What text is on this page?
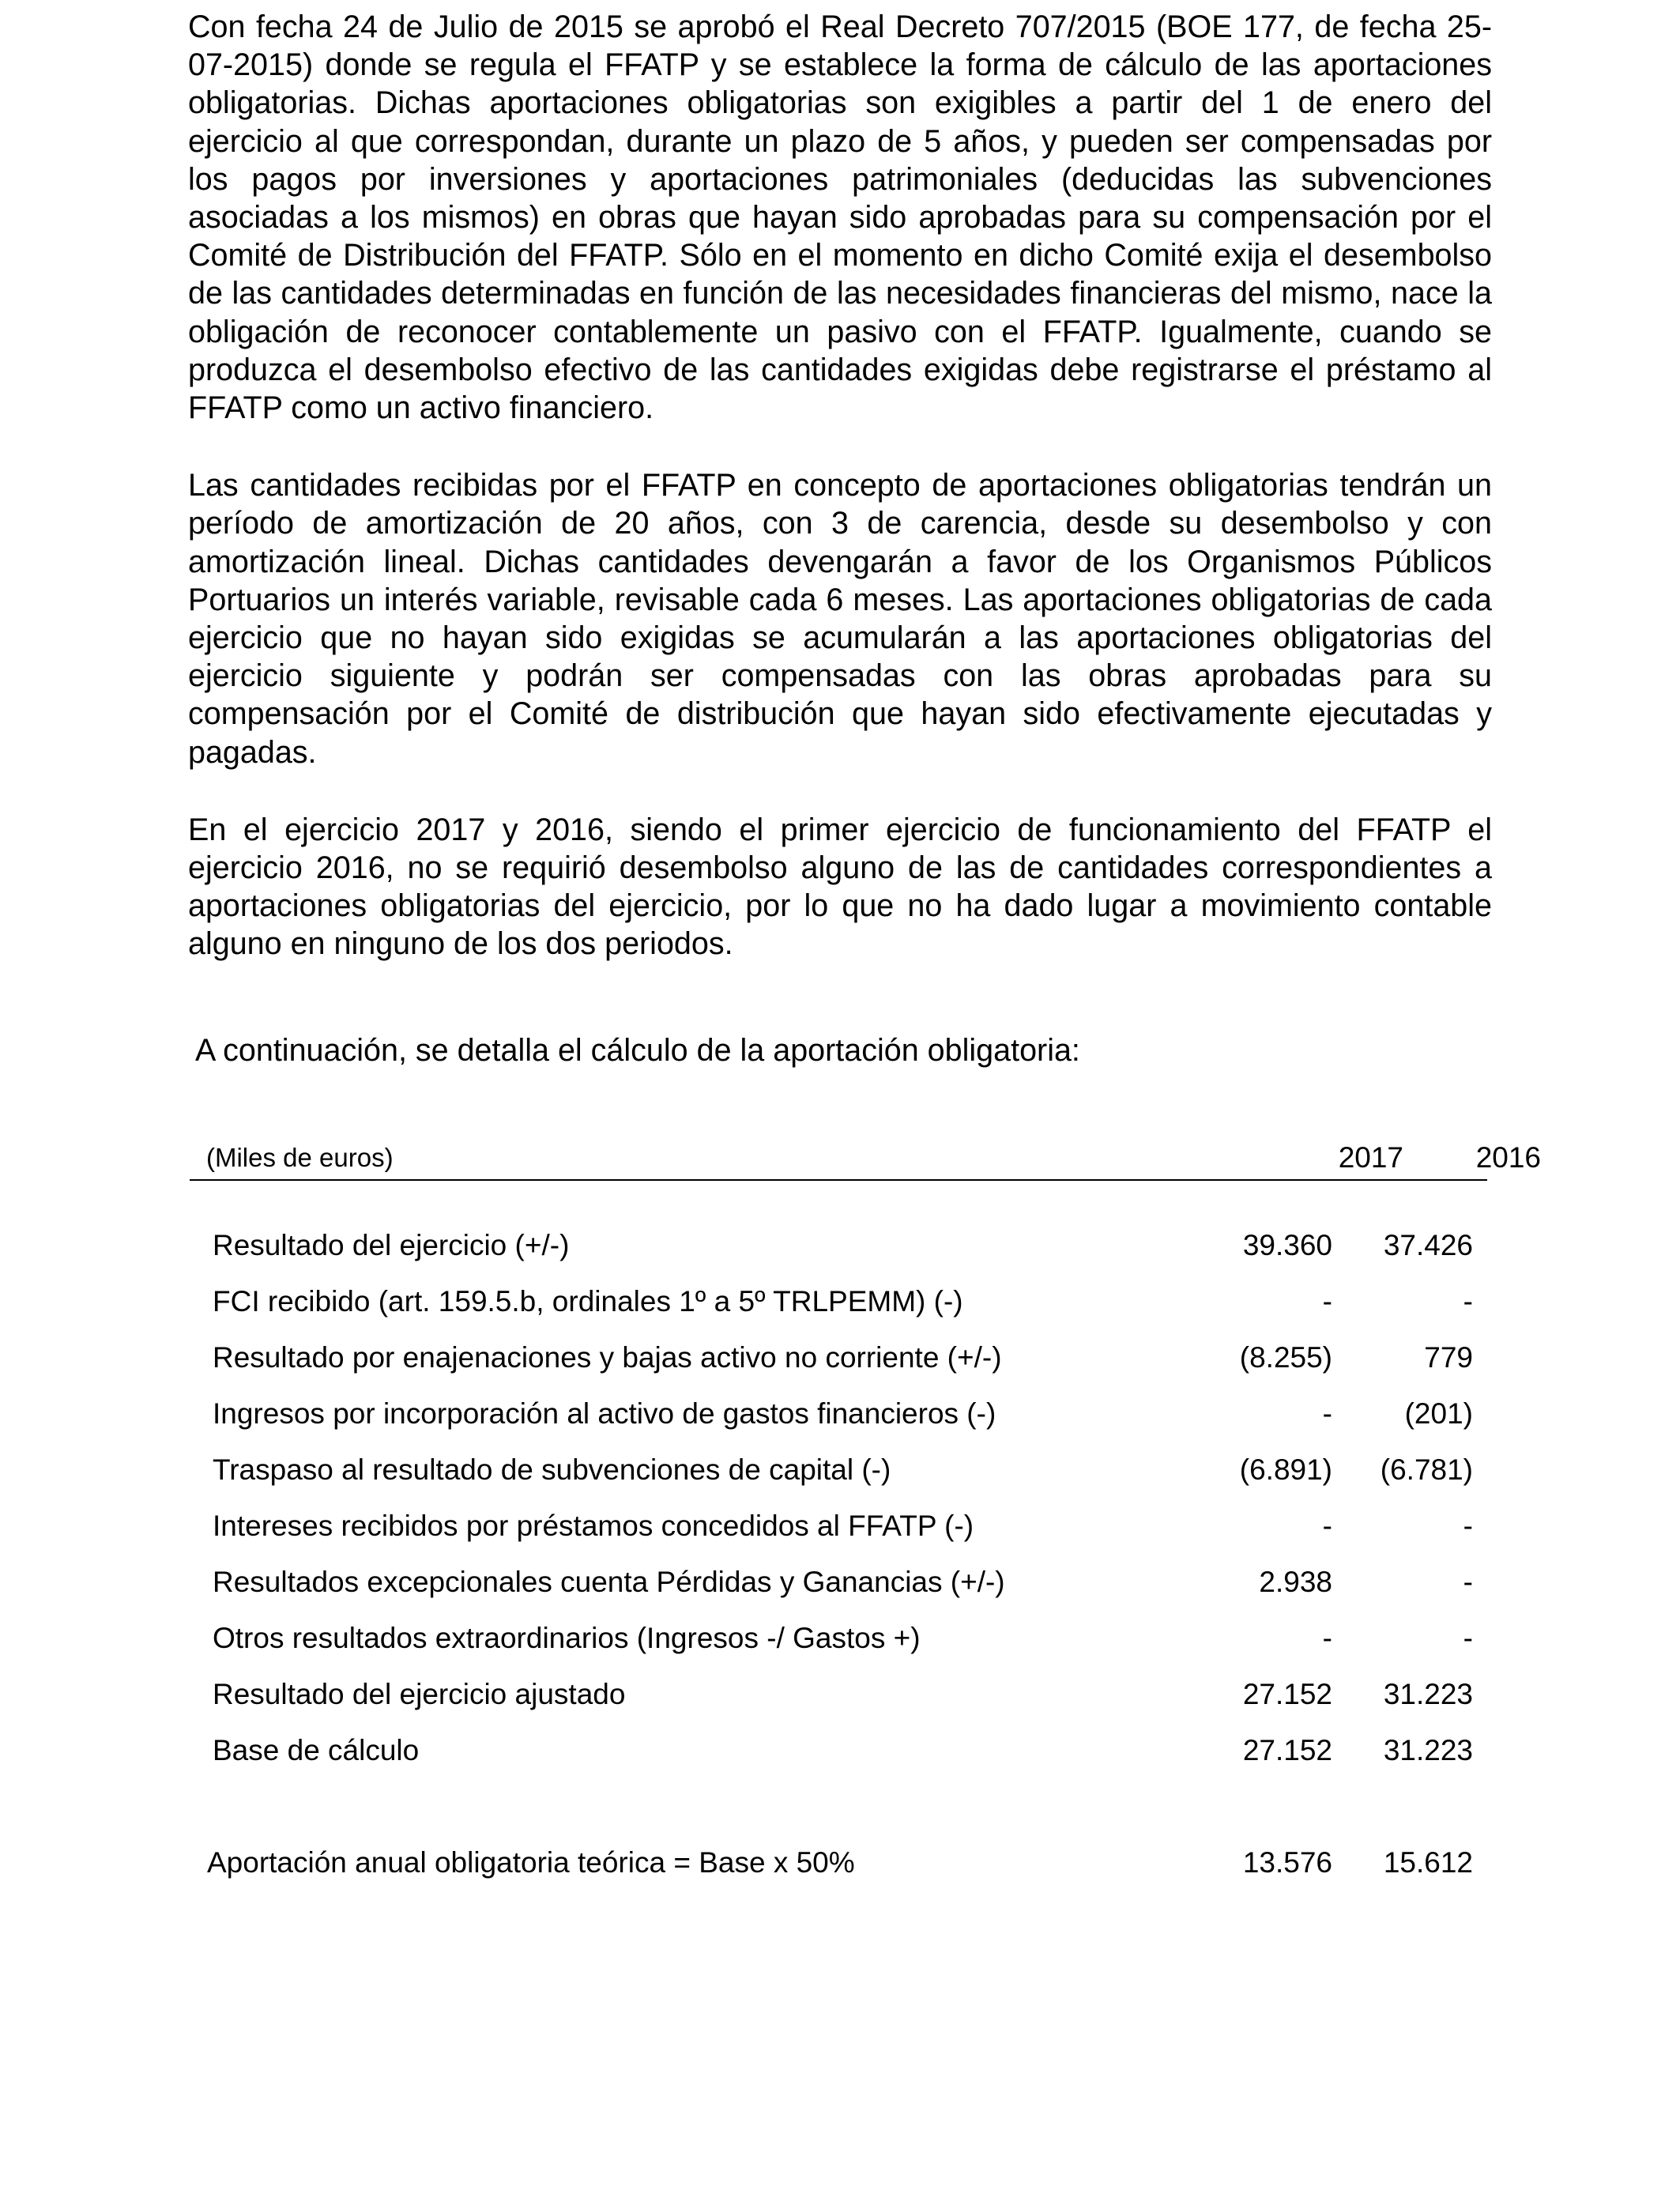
Con fecha 24 de Julio de 2015 se aprobó el Real Decreto 707/2015 (BOE 177, de fecha 25-07-2015) donde se regula el FFATP y se establece la forma de cálculo de las aportaciones obligatorias. Dichas aportaciones obligatorias son exigibles a partir del 1 de enero del ejercicio al que correspondan, durante un plazo de 5 años, y pueden ser compensadas por los pagos por inversiones y aportaciones patrimoniales (deducidas las subvenciones asociadas a los mismos) en obras que hayan sido aprobadas para su compensación por el Comité de Distribución del FFATP. Sólo en el momento en dicho Comité exija el desembolso de las cantidades determinadas en función de las necesidades financieras del mismo, nace la obligación de reconocer contablemente un pasivo con el FFATP. Igualmente, cuando se produzca el desembolso efectivo de las cantidades exigidas debe registrarse el préstamo al FFATP como un activo financiero.

Las cantidades recibidas por el FFATP en concepto de aportaciones obligatorias tendrán un período de amortización de 20 años, con 3 de carencia, desde su desembolso y con amortización lineal. Dichas cantidades devengarán a favor de los Organismos Públicos Portuarios un interés variable, revisable cada 6 meses. Las aportaciones obligatorias de cada ejercicio que no hayan sido exigidas se acumularán a las aportaciones obligatorias del ejercicio siguiente y podrán ser compensadas con las obras aprobadas para su compensación por el Comité de distribución que hayan sido efectivamente ejecutadas y pagadas.

En el ejercicio 2017 y 2016, siendo el primer ejercicio de funcionamiento del FFATP el ejercicio 2016, no se requirió desembolso alguno de las de cantidades correspondientes a aportaciones obligatorias del ejercicio, por lo que no ha dado lugar a movimiento contable alguno en ninguno de los dos periodos.

A continuación, se detalla el cálculo de la aportación obligatoria:

(Miles de euros)	2017	2016
Resultado del ejercicio (+/-)	39.360	37.426
FCI recibido (art. 159.5.b, ordinales 1º a 5º TRLPEMM) (-)	-	-
Resultado por enajenaciones y bajas activo no corriente (+/-)	(8.255)	779
Ingresos por incorporación al activo de gastos financieros (-)	-	(201)
Traspaso al resultado de subvenciones de capital (-)	(6.891)	(6.781)
Intereses recibidos por préstamos concedidos al FFATP (-)	-	-
Resultados excepcionales cuenta Pérdidas y Ganancias (+/-)	2.938	-
Otros resultados extraordinarios (Ingresos -/ Gastos +)	-	-
Resultado del ejercicio ajustado	27.152	31.223
Base de cálculo	27.152	31.223
Aportación anual obligatoria teórica = Base x 50%	13.576	15.612
